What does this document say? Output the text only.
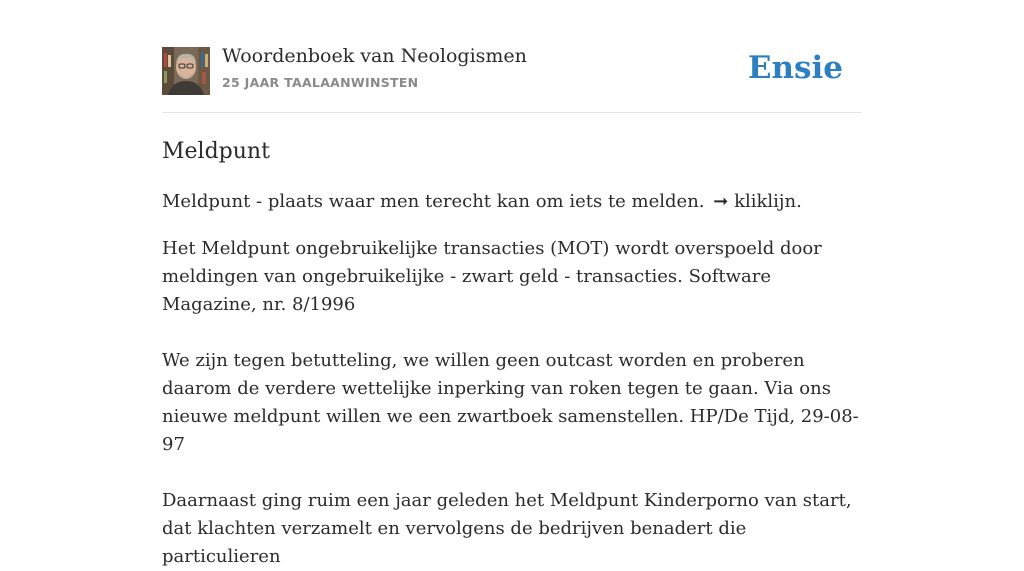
Woordenboek van Neologismen
25 JAAR TAALAANWINSTEN	Ensie
Meldpunt

Meldpunt - plaats waar men terecht kan om iets te melden. ➞ kliklijn.

Het Meldpunt ongebruikelijke transacties (MOT) wordt overspoeld door meldingen van ongebruikelijke - zwart geld - transacties. Software Magazine, nr. 8/1996

We zijn tegen betutteling, we willen geen outcast worden en proberen daarom de verdere wettelijke inperking van roken tegen te gaan. Via ons nieuwe meldpunt willen we een zwartboek samenstellen. HP/De Tijd, 29-08-97

Daarnaast ging ruim een jaar geleden het Meldpunt Kinderporno van start, dat klachten verzamelt en vervolgens de bedrijven benadert die particulieren
